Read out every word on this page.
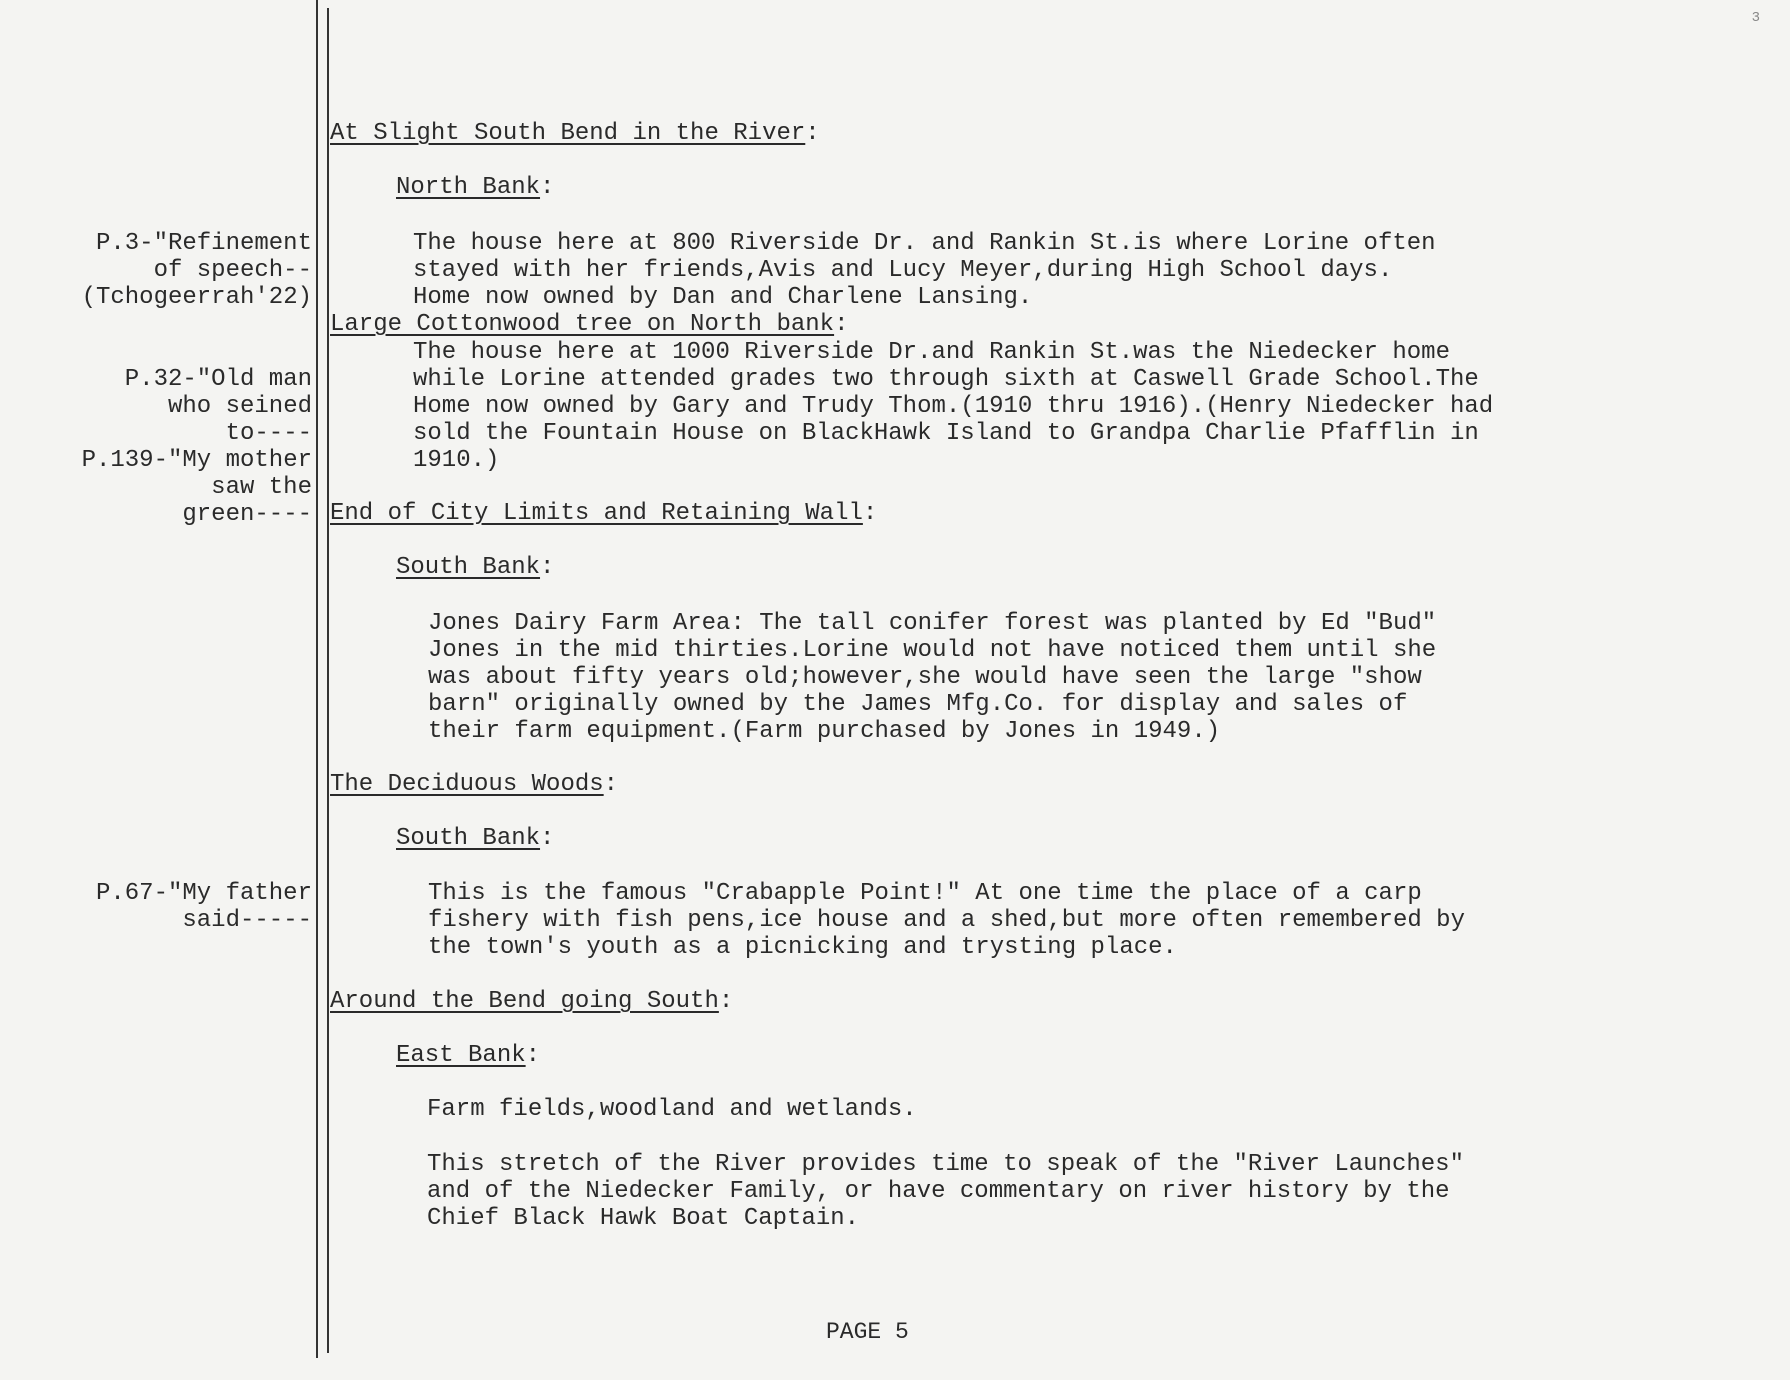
3
P.3-"Refinement
of speech--
(Tchogeerrah'22)
P.32-"Old man
who seined
to----
P.139-"My mother
saw the
green----
P.67-"My father
said-----
At Slight South Bend in the River:
North Bank:
The house here at 800 Riverside Dr. and Rankin St.is where Lorine often
stayed with her friends,Avis and Lucy Meyer,during High School days.
Home now owned by Dan and Charlene Lansing.
Large Cottonwood tree on North bank:
The house here at 1000 Riverside Dr.and Rankin St.was the Niedecker home
while Lorine attended grades two through sixth at Caswell Grade School.The
Home now owned by Gary and Trudy Thom.(1910 thru 1916).(Henry Niedecker had
sold the Fountain House on BlackHawk Island to Grandpa Charlie Pfafflin in
1910.)
End of City Limits and Retaining Wall:
South Bank:
Jones Dairy Farm Area: The tall conifer forest was planted by Ed "Bud"
Jones in the mid thirties.Lorine would not have noticed them until she
was about fifty years old;however,she would have seen the large "show
barn" originally owned by the James Mfg.Co. for display and sales of
their farm equipment.(Farm purchased by Jones in 1949.)
The Deciduous Woods:
South Bank:
This is the famous "Crabapple Point!" At one time the place of a carp
fishery with fish pens,ice house and a shed,but more often remembered by
the town's youth as a picnicking and trysting place.
Around the Bend going South:
East Bank:
Farm fields,woodland and wetlands.
This stretch of the River provides time to speak of the "River Launches"
and of the Niedecker Family, or have commentary on river history by the
Chief Black Hawk Boat Captain.
PAGE 5
